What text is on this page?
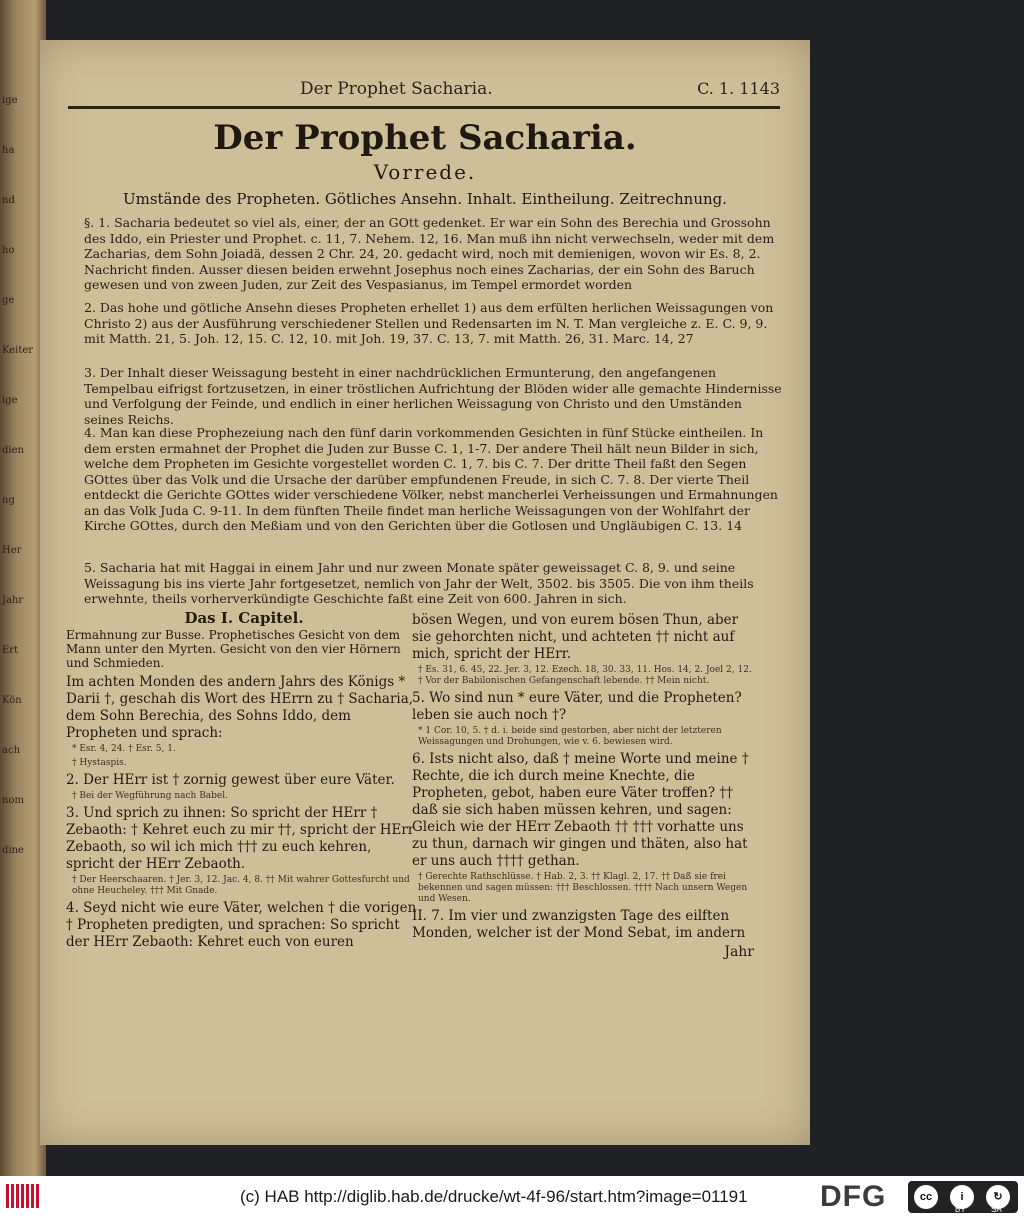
ige
ha
nd
ho
ge
Keiter
ige
dien
ng
Her
Jahr
Ert
Kön
ach
nom
dine
Der Prophet Sacharia.	C. 1. 1143
Der Prophet Sacharia.
Vorrede.
Umstände des Propheten. Götliches Ansehn. Inhalt. Eintheilung. Zeitrechnung.
§. 1. Sacharia bedeutet so viel als, einer, der an GOtt gedenket. Er war ein Sohn des Berechia und Grossohn des Iddo, ein Priester und Prophet. c. 11, 7. Nehem. 12, 16. Man muß ihn nicht verwechseln, weder mit dem Zacharias, dem Sohn Joiadä, dessen 2 Chr. 24, 20. gedacht wird, noch mit demienigen, wovon wir Es. 8, 2. Nachricht finden. Ausser diesen beiden erwehnt Josephus noch eines Zacharias, der ein Sohn des Baruch gewesen und von zween Juden, zur Zeit des Vespasianus, im Tempel ermordet worden
2. Das hohe und götliche Ansehn dieses Propheten erhellet 1) aus dem erfülten herlichen Weissagungen von Christo 2) aus der Ausführung verschiedener Stellen und Redensarten im N. T. Man vergleiche z. E. C. 9, 9. mit Matth. 21, 5. Joh. 12, 15. C. 12, 10. mit Joh. 19, 37. C. 13, 7. mit Matth. 26, 31. Marc. 14, 27
3. Der Inhalt dieser Weissagung besteht in einer nachdrücklichen Ermunterung, den angefangenen Tempelbau eifrigst fortzusetzen, in einer tröstlichen Aufrichtung der Blöden wider alle gemachte Hindernisse und Verfolgung der Feinde, und endlich in einer herlichen Weissagung von Christo und den Umständen seines Reichs.
4. Man kan diese Prophezeiung nach den fünf darin vorkommenden Gesichten in fünf Stücke eintheilen. In dem ersten ermahnet der Prophet die Juden zur Busse C. 1, 1-7. Der andere Theil hält neun Bilder in sich, welche dem Propheten im Gesichte vorgestellet worden C. 1, 7. bis C. 7. Der dritte Theil faßt den Segen GOttes über das Volk und die Ursache der darüber empfundenen Freude, in sich C. 7. 8. Der vierte Theil entdeckt die Gerichte GOttes wider verschiedene Völker, nebst mancherlei Verheissungen und Ermahnungen an das Volk Juda C. 9-11. In dem fünften Theile findet man herliche Weissagungen von der Wohlfahrt der Kirche GOttes, durch den Meßiam und von den Gerichten über die Gotlosen und Ungläubigen C. 13. 14
5. Sacharia hat mit Haggai in einem Jahr und nur zween Monate später geweissaget C. 8, 9. und seine Weissagung bis ins vierte Jahr fortgesetzet, nemlich von Jahr der Welt, 3502. bis 3505. Die von ihm theils erwehnte, theils vorherverkündigte Geschichte faßt eine Zeit von 600. Jahren in sich.
Das I. Capitel.
Ermahnung zur Busse. Prophetisches Gesicht von dem Mann unter den Myrten. Gesicht von den vier Hörnern und Schmieden.
Im achten Monden des andern Jahrs des Königs * Darii †, geschah dis Wort des HErrn zu † Sacharia, dem Sohn Berechia, des Sohns Iddo, dem Propheten und sprach:
* Esr. 4, 24. † Esr. 5, 1.
† Hystaspis.
2. Der HErr ist † zornig gewest über eure Väter.
† Bei der Wegführung nach Babel.
3. Und sprich zu ihnen: So spricht der HErr † Zebaoth: † Kehret euch zu mir ††, spricht der HErr Zebaoth, so wil ich mich ††† zu euch kehren, spricht der HErr Zebaoth.
† Der Heerschaaren. † Jer. 3, 12. Jac. 4, 8. †† Mit wahrer Gottesfurcht und ohne Heucheley. ††† Mit Gnade.
4. Seyd nicht wie eure Väter, welchen † die vorigen † Propheten predigten, und sprachen: So spricht der HErr Zebaoth: Kehret euch von euren
bösen Wegen, und von eurem bösen Thun, aber sie gehorchten nicht, und achteten †† nicht auf mich, spricht der HErr.
† Es. 31, 6. 45, 22. Jer. 3, 12. Ezech. 18, 30. 33, 11. Hos. 14, 2. Joel 2, 12. † Vor der Babilonischen Gefangenschaft lebende. †† Mein nicht.
5. Wo sind nun * eure Väter, und die Propheten? leben sie auch noch †?
* 1 Cor. 10, 5. † d. i. beide sind gestorben, aber nicht der letzteren Weissagungen und Drohungen, wie v. 6. bewiesen wird.
6. Ists nicht also, daß † meine Worte und meine † Rechte, die ich durch meine Knechte, die Propheten, gebot, haben eure Väter troffen? †† daß sie sich haben müssen kehren, und sagen: Gleich wie der HErr Zebaoth †† ††† vorhatte uns zu thun, darnach wir gingen und thäten, also hat er uns auch †††† gethan.
† Gerechte Rathschlüsse. † Hab. 2, 3. †† Klagl. 2, 17. †† Daß sie frei bekennen und sagen müssen: ††† Beschlossen. †††† Nach unsern Wegen und Wesen.
II. 7. Im vier und zwanzigsten Tage des eilften Monden, welcher ist der Mond Sebat, im andern
Jahr
(c) HAB http://diglib.hab.de/drucke/wt-4f-96/start.htm?image=01191 DFG	cc	i	↻
BY	SA
